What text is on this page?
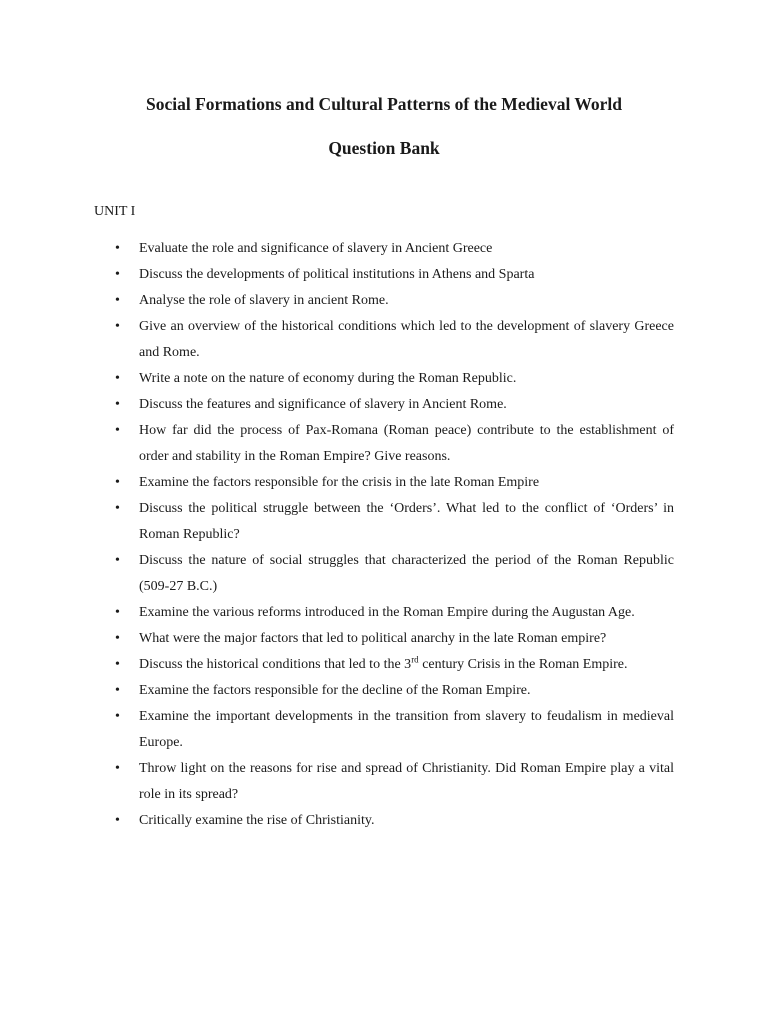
Social Formations and Cultural Patterns of the Medieval World
Question Bank

UNIT I

• Evaluate the role and significance of slavery in Ancient Greece
• Discuss the developments of political institutions in Athens and Sparta
• Analyse the role of slavery in ancient Rome.
• Give an overview of the historical conditions which led to the development of slavery Greece and Rome.
• Write a note on the nature of economy during the Roman Republic.
• Discuss the features and significance of slavery in Ancient Rome.
• How far did the process of Pax-Romana (Roman peace) contribute to the establishment of order and stability in the Roman Empire? Give reasons.
• Examine the factors responsible for the crisis in the late Roman Empire
• Discuss the political struggle between the ‘Orders’. What led to the conflict of ‘Orders’ in Roman Republic?
• Discuss the nature of social struggles that characterized the period of the Roman Republic (509-27 B.C.)
• Examine the various reforms introduced in the Roman Empire during the Augustan Age.
• What were the major factors that led to political anarchy in the late Roman empire?
• Discuss the historical conditions that led to the 3rd century Crisis in the Roman Empire.
• Examine the factors responsible for the decline of the Roman Empire.
• Examine the important developments in the transition from slavery to feudalism in medieval Europe.
• Throw light on the reasons for rise and spread of Christianity. Did Roman Empire play a vital role in its spread?
• Critically examine the rise of Christianity.
